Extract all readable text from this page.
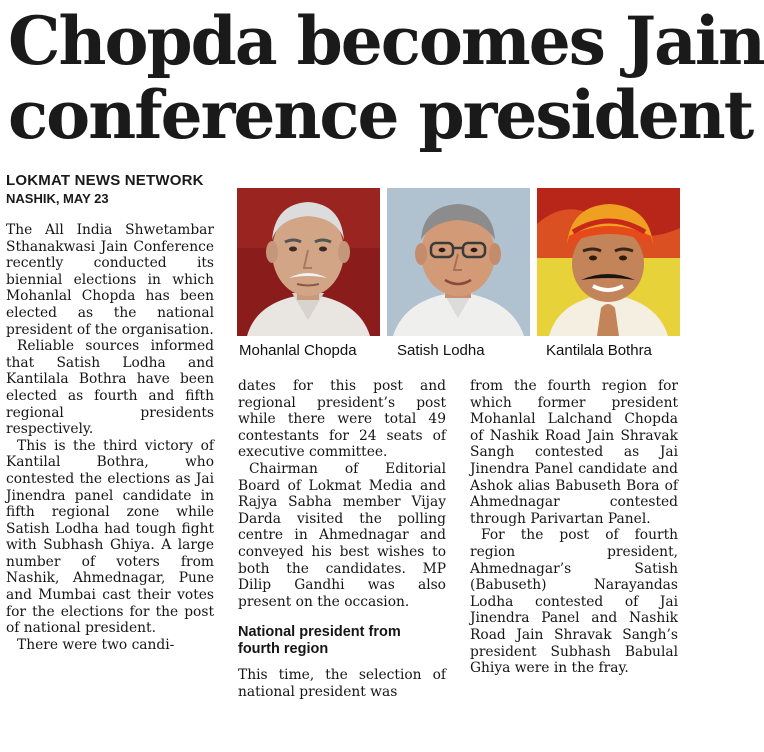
Chopda becomes Jain
conference president
LOKMAT NEWS NETWORK
NASHIK, MAY 23
Mohanlal Chopda	Satish Lodha	Kantilala Bothra

The All India Shwetambar Sthanakwasi Jain Conference recently conducted its biennial elections in which Mohanlal Chopda has been elected as the national president of the organisation.

Reliable sources informed that Satish Lodha and Kantilala Bothra have been elected as fourth and fifth regional presidents respectively.

This is the third victory of Kantilal Bothra, who contested the elections as Jai Jinendra panel candidate in fifth regional zone while Satish Lodha had tough fight with Subhash Ghiya. A large number of voters from Nashik, Ahmednagar, Pune and Mumbai cast their votes for the elections for the post of national president.

There were two candi-

dates for this post and regional president’s post while there were total 49 contestants for 24 seats of executive committee.

Chairman of Editorial Board of Lokmat Media and Rajya Sabha member Vijay Darda visited the polling centre in Ahmednagar and conveyed his best wishes to both the candidates. MP Dilip Gandhi was also present on the occasion.

National president from fourth region

This time, the selection of national president was

from the fourth region for which former president Mohanlal Lalchand Chopda of Nashik Road Jain Shravak Sangh contested as Jai Jinendra Panel candidate and Ashok alias Babuseth Bora of Ahmednagar contested through Parivartan Panel.

For the post of fourth region president, Ahmednagar’s Satish (Babuseth) Narayandas Lodha contested of Jai Jinendra Panel and Nashik Road Jain Shravak Sangh’s president Subhash Babulal Ghiya were in the fray.
